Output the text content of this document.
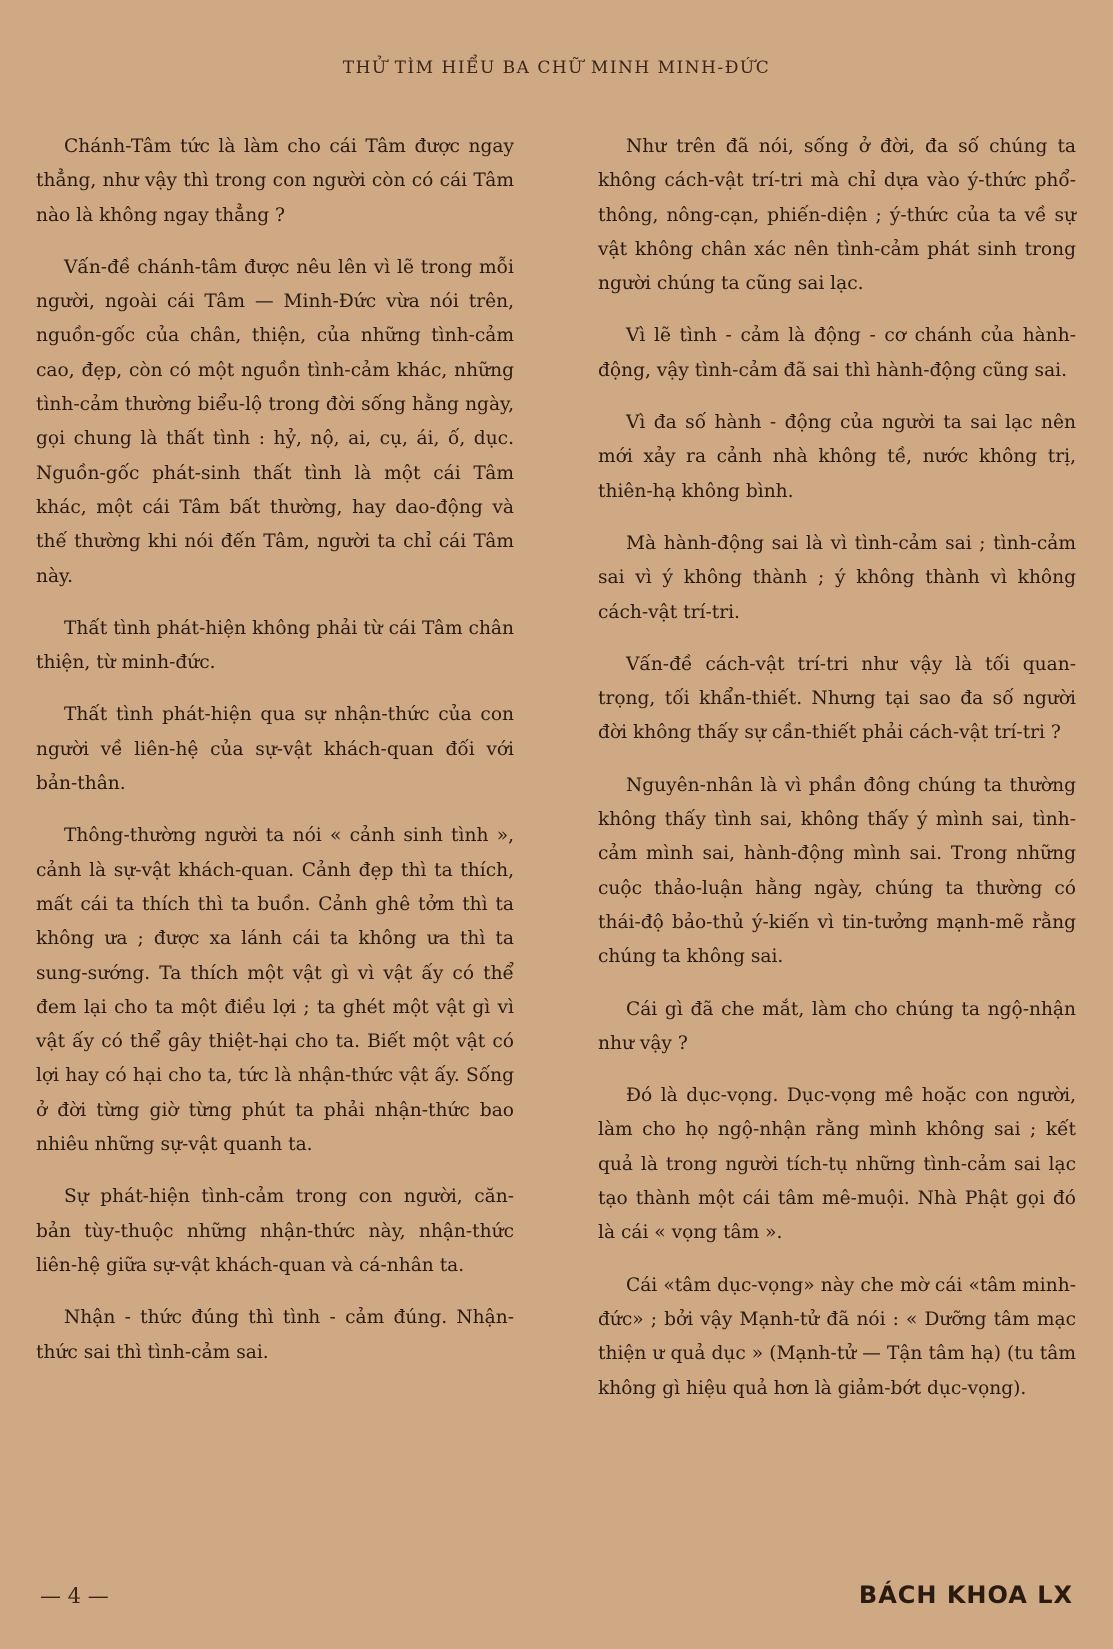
THỬ TÌM HIỂU BA CHỮ MINH MINH-ĐỨC

Chánh-Tâm tức là làm cho cái Tâm được ngay thẳng, như vậy thì trong con người còn có cái Tâm nào là không ngay thẳng ?

Vấn-đề chánh-tâm được nêu lên vì lẽ trong mỗi người, ngoài cái Tâm — Minh-Đức vừa nói trên, nguồn-gốc của chân, thiện, của những tình-cảm cao, đẹp, còn có một nguồn tình-cảm khác, những tình-cảm thường biểu-lộ trong đời sống hằng ngày, gọi chung là thất tình : hỷ, nộ, ai, cụ, ái, ố, dục. Nguồn-gốc phát-sinh thất tình là một cái Tâm khác, một cái Tâm bất thường, hay dao-động và thế thường khi nói đến Tâm, người ta chỉ cái Tâm này.

Thất tình phát-hiện không phải từ cái Tâm chân thiện, từ minh-đức.

Thất tình phát-hiện qua sự nhận-thức của con người về liên-hệ của sự-vật khách-quan đối với bản-thân.

Thông-thường người ta nói « cảnh sinh tình », cảnh là sự-vật khách-quan. Cảnh đẹp thì ta thích, mất cái ta thích thì ta buồn. Cảnh ghê tởm thì ta không ưa ; được xa lánh cái ta không ưa thì ta sung-sướng. Ta thích một vật gì vì vật ấy có thể đem lại cho ta một điều lợi ; ta ghét một vật gì vì vật ấy có thể gây thiệt-hại cho ta. Biết một vật có lợi hay có hại cho ta, tức là nhận-thức vật ấy. Sống ở đời từng giờ từng phút ta phải nhận-thức bao nhiêu những sự-vật quanh ta.

Sự phát-hiện tình-cảm trong con người, căn-bản tùy-thuộc những nhận-thức này, nhận-thức liên-hệ giữa sự-vật khách-quan và cá-nhân ta.

Nhận - thức đúng thì tình - cảm đúng. Nhận-thức sai thì tình-cảm sai.

Như trên đã nói, sống ở đời, đa số chúng ta không cách-vật trí-tri mà chỉ dựa vào ý-thức phổ-thông, nông-cạn, phiến-diện ; ý-thức của ta về sự vật không chân xác nên tình-cảm phát sinh trong người chúng ta cũng sai lạc.

Vì lẽ tình - cảm là động - cơ chánh của hành-động, vậy tình-cảm đã sai thì hành-động cũng sai.

Vì đa số hành - động của người ta sai lạc nên mới xảy ra cảnh nhà không tề, nước không trị, thiên-hạ không bình.

Mà hành-động sai là vì tình-cảm sai ; tình-cảm sai vì ý không thành ; ý không thành vì không cách-vật trí-tri.

Vấn-đề cách-vật trí-tri như vậy là tối quan-trọng, tối khẩn-thiết. Nhưng tại sao đa số người đời không thấy sự cần-thiết phải cách-vật trí-tri ?

Nguyên-nhân là vì phần đông chúng ta thường không thấy tình sai, không thấy ý mình sai, tình-cảm mình sai, hành-động mình sai. Trong những cuộc thảo-luận hằng ngày, chúng ta thường có thái-độ bảo-thủ ý-kiến vì tin-tưởng mạnh-mẽ rằng chúng ta không sai.

Cái gì đã che mắt, làm cho chúng ta ngộ-nhận như vậy ?

Đó là dục-vọng. Dục-vọng mê hoặc con người, làm cho họ ngộ-nhận rằng mình không sai ; kết quả là trong người tích-tụ những tình-cảm sai lạc tạo thành một cái tâm mê-muội. Nhà Phật gọi đó là cái « vọng tâm ».

Cái «tâm dục-vọng» này che mờ cái «tâm minh-đức» ; bởi vậy Mạnh-tử đã nói : « Dưỡng tâm mạc thiện ư quả dục » (Mạnh-tử — Tận tâm hạ) (tu tâm không gì hiệu quả hơn là giảm-bớt dục-vọng).

— 4 —	BÁCH KHOA LX
